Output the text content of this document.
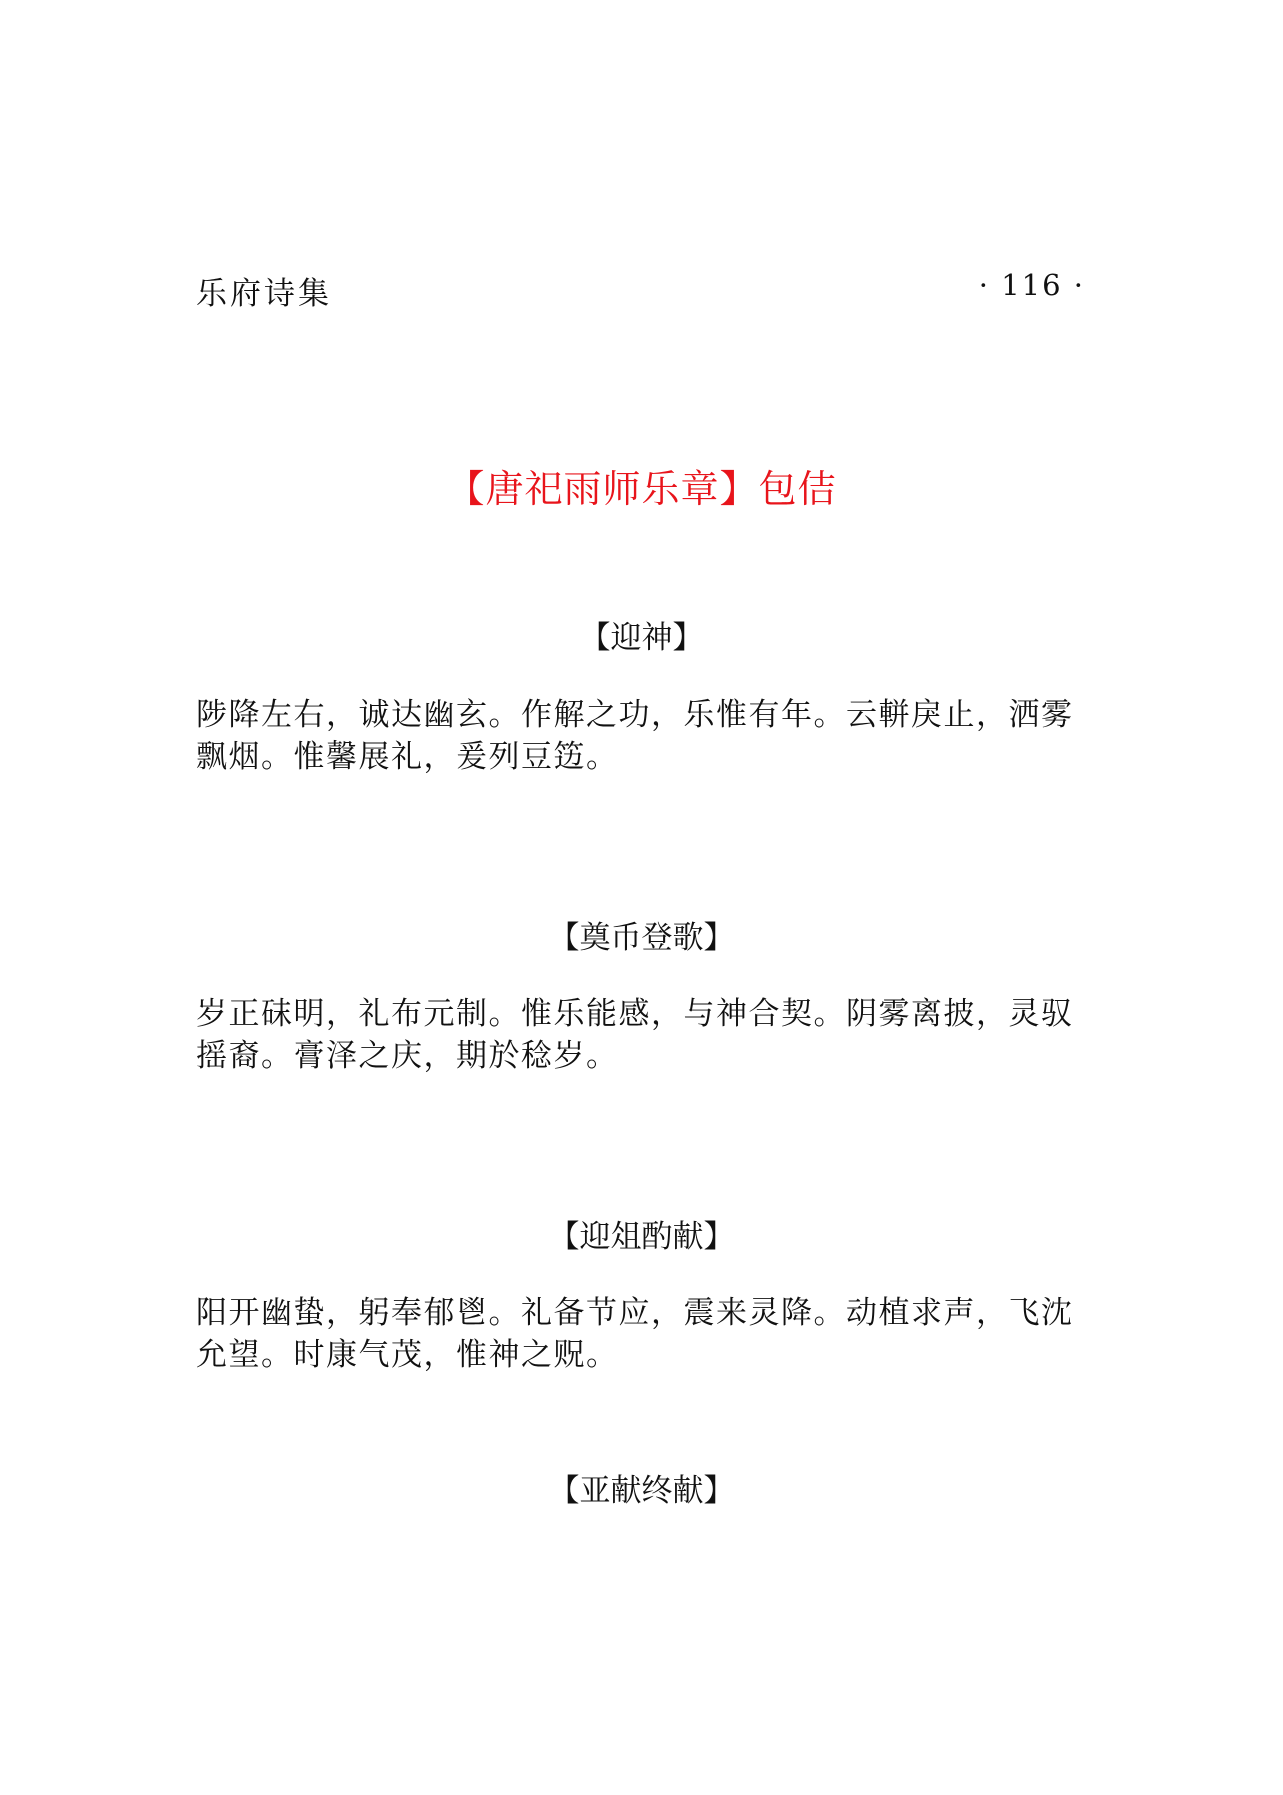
乐府诗集	· 116 ·
【唐祀雨师乐章】包佶
【迎神】
陟降左右，诚达幽玄。作解之功，乐惟有年。云軿戾止，洒雾飘烟。惟馨展礼，爰列豆笾。
【奠币登歌】
岁正砞明，礼布元制。惟乐能感，与神合契。阴雾离披，灵驭摇裔。膏泽之庆，期於稔岁。
【迎俎酌献】
阳开幽蛰，躬奉郁鬯。礼备节应，震来灵降。动植求声，飞沈允望。时康气茂，惟神之贶。
【亚献终献】
